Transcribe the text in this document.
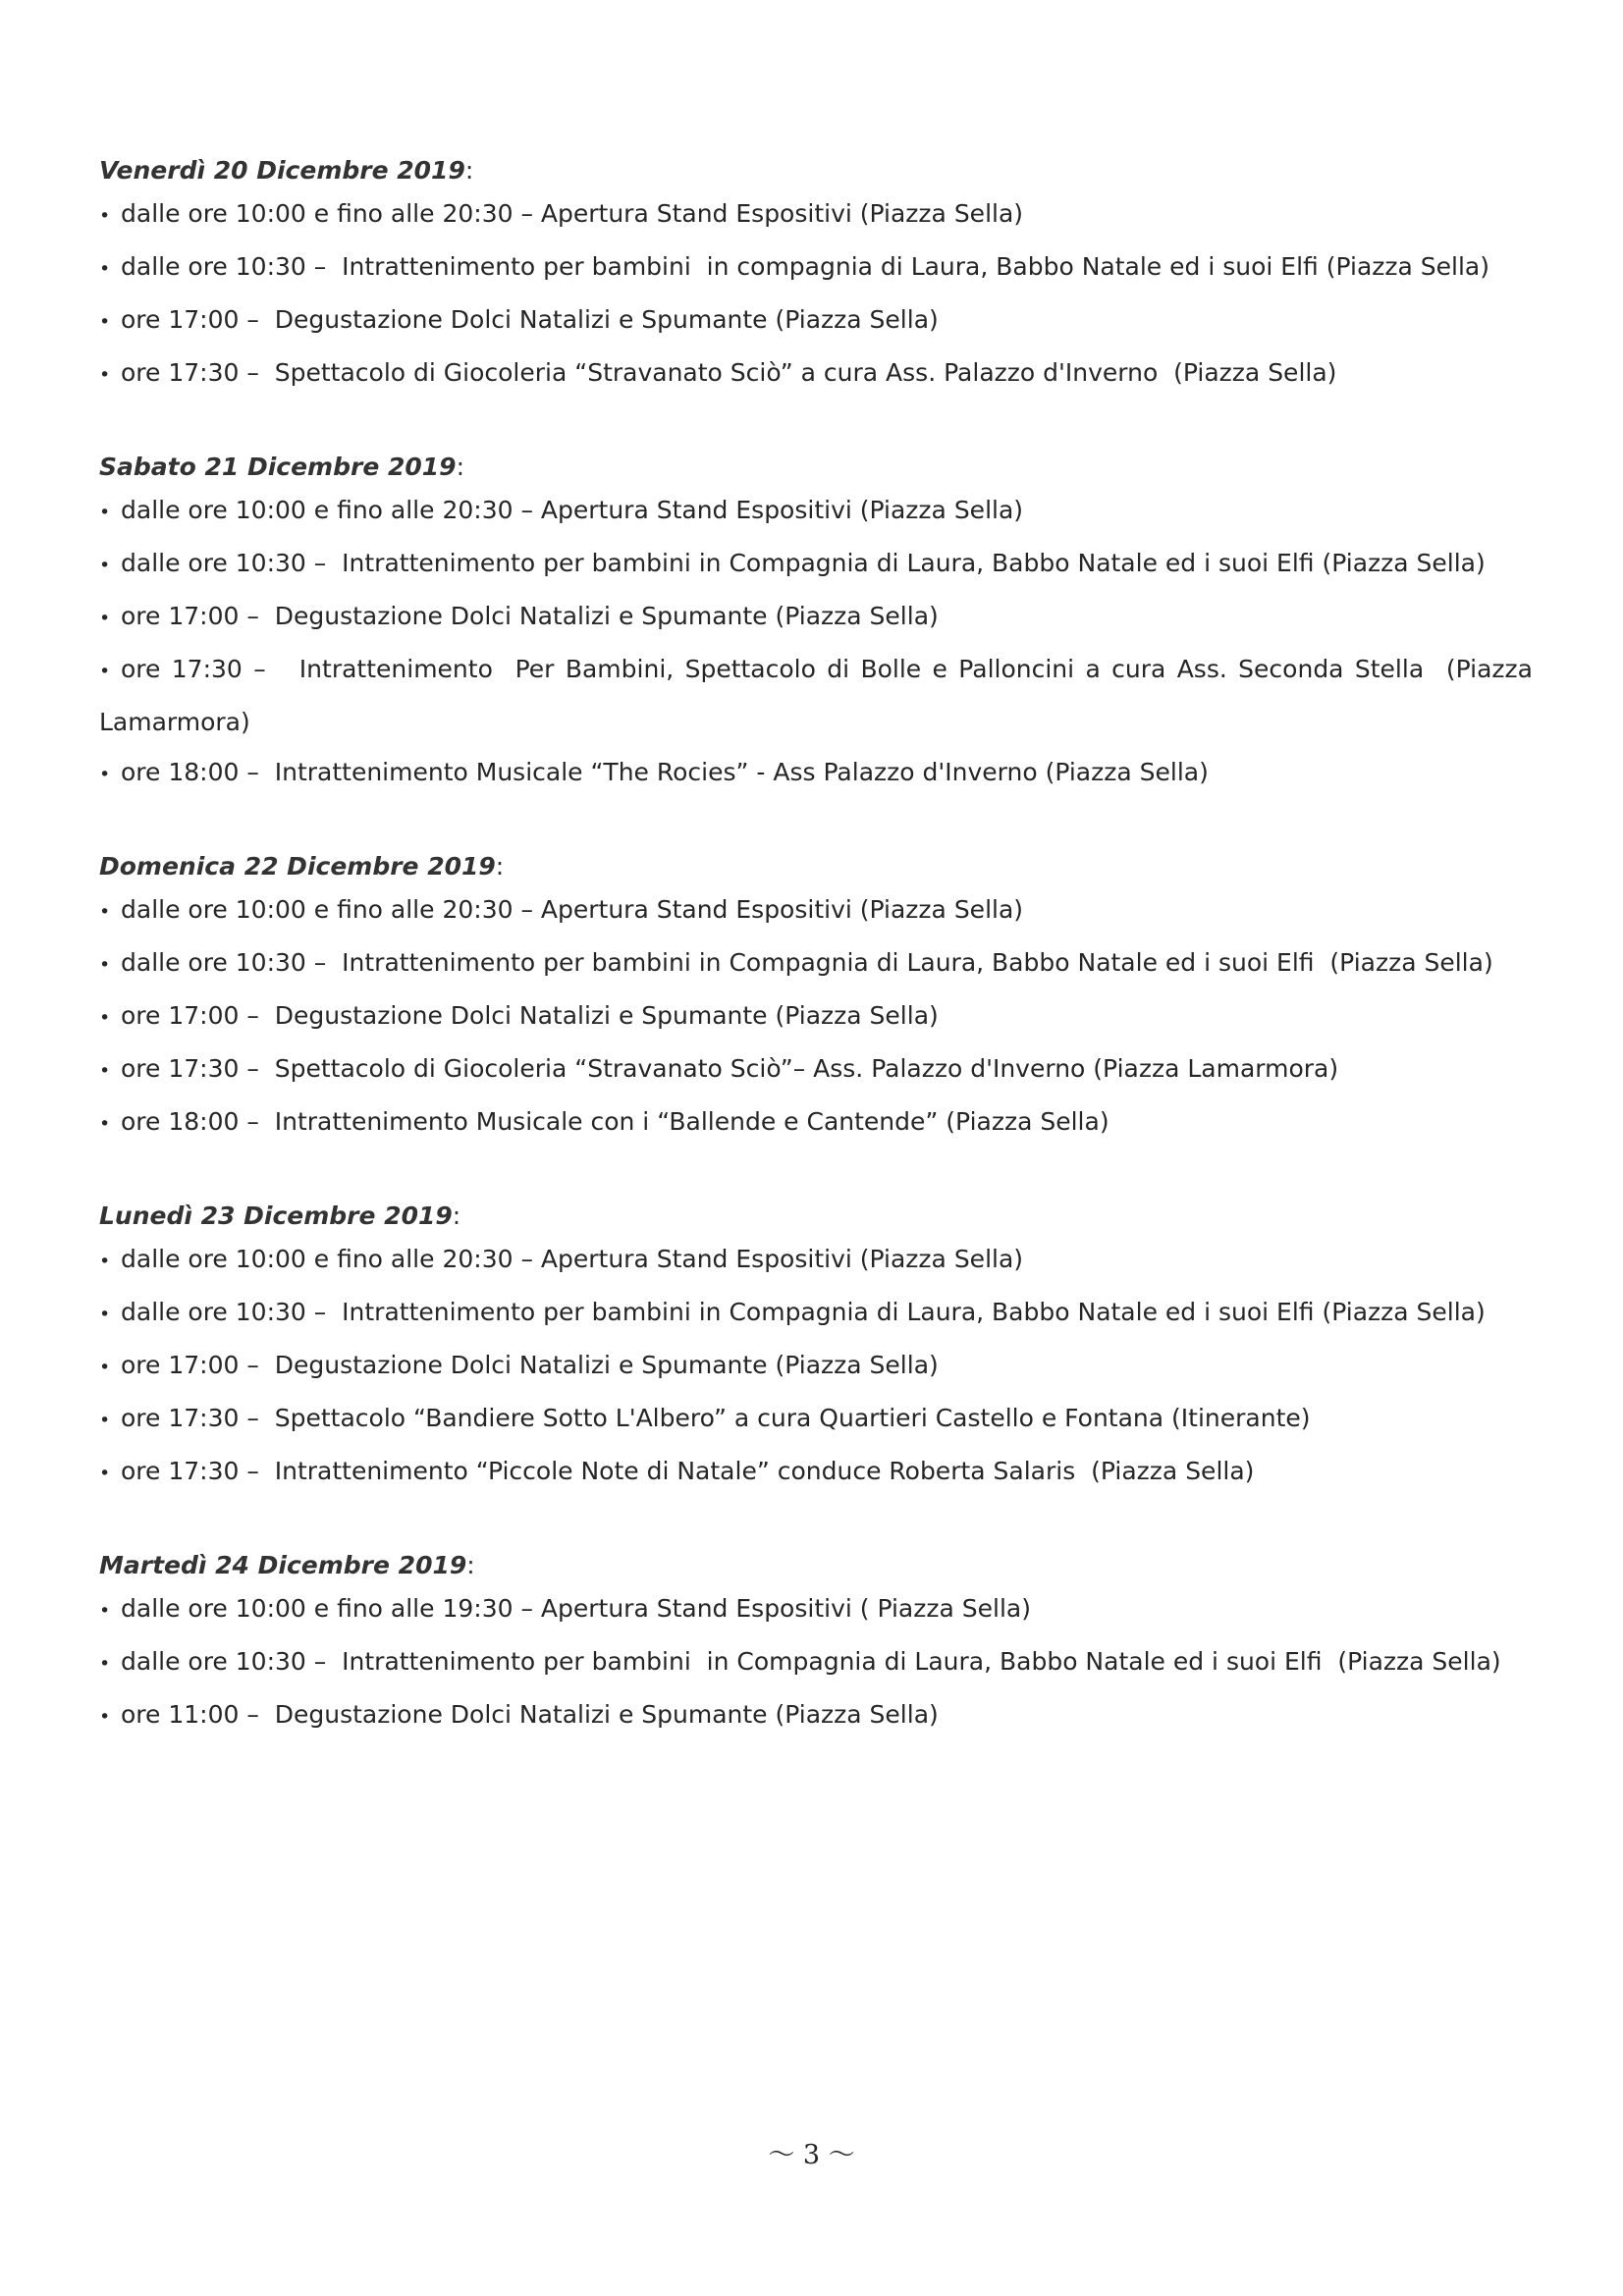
Venerdì 20 Dicembre 2019:
• dalle ore 10:00 e fino alle 20:30 – Apertura Stand Espositivi (Piazza Sella)
• dalle ore 10:30 –  Intrattenimento per bambini  in compagnia di Laura, Babbo Natale ed i suoi Elfi (Piazza Sella)
• ore 17:00 –  Degustazione Dolci Natalizi e Spumante (Piazza Sella)
• ore 17:30 –  Spettacolo di Giocoleria “Stravanato Sciò” a cura Ass. Palazzo d'Inverno  (Piazza Sella)
Sabato 21 Dicembre 2019:
• dalle ore 10:00 e fino alle 20:30 – Apertura Stand Espositivi (Piazza Sella)
• dalle ore 10:30 –  Intrattenimento per bambini in Compagnia di Laura, Babbo Natale ed i suoi Elfi (Piazza Sella)
• ore 17:00 –  Degustazione Dolci Natalizi e Spumante (Piazza Sella)
• ore 17:30 –   Intrattenimento  Per Bambini, Spettacolo di Bolle e Palloncini a cura Ass. Seconda Stella  (Piazza Lamarmora)
• ore 18:00 –  Intrattenimento Musicale “The Rocies” - Ass Palazzo d'Inverno (Piazza Sella)
Domenica 22 Dicembre 2019:
• dalle ore 10:00 e fino alle 20:30 – Apertura Stand Espositivi (Piazza Sella)
• dalle ore 10:30 –  Intrattenimento per bambini in Compagnia di Laura, Babbo Natale ed i suoi Elfi  (Piazza Sella)
• ore 17:00 –  Degustazione Dolci Natalizi e Spumante (Piazza Sella)
• ore 17:30 –  Spettacolo di Giocoleria “Stravanato Sciò”– Ass. Palazzo d'Inverno (Piazza Lamarmora)
• ore 18:00 –  Intrattenimento Musicale con i “Ballende e Cantende” (Piazza Sella)
Lunedì 23 Dicembre 2019:
• dalle ore 10:00 e fino alle 20:30 – Apertura Stand Espositivi (Piazza Sella)
• dalle ore 10:30 –  Intrattenimento per bambini in Compagnia di Laura, Babbo Natale ed i suoi Elfi (Piazza Sella)
• ore 17:00 –  Degustazione Dolci Natalizi e Spumante (Piazza Sella)
• ore 17:30 –  Spettacolo “Bandiere Sotto L'Albero” a cura Quartieri Castello e Fontana (Itinerante)
• ore 17:30 –  Intrattenimento “Piccole Note di Natale” conduce Roberta Salaris  (Piazza Sella)
Martedì 24 Dicembre 2019:
• dalle ore 10:00 e fino alle 19:30 – Apertura Stand Espositivi ( Piazza Sella)
• dalle ore 10:30 –  Intrattenimento per bambini  in Compagnia di Laura, Babbo Natale ed i suoi Elfi  (Piazza Sella)
• ore 11:00 –  Degustazione Dolci Natalizi e Spumante (Piazza Sella)
～ 3 ～
